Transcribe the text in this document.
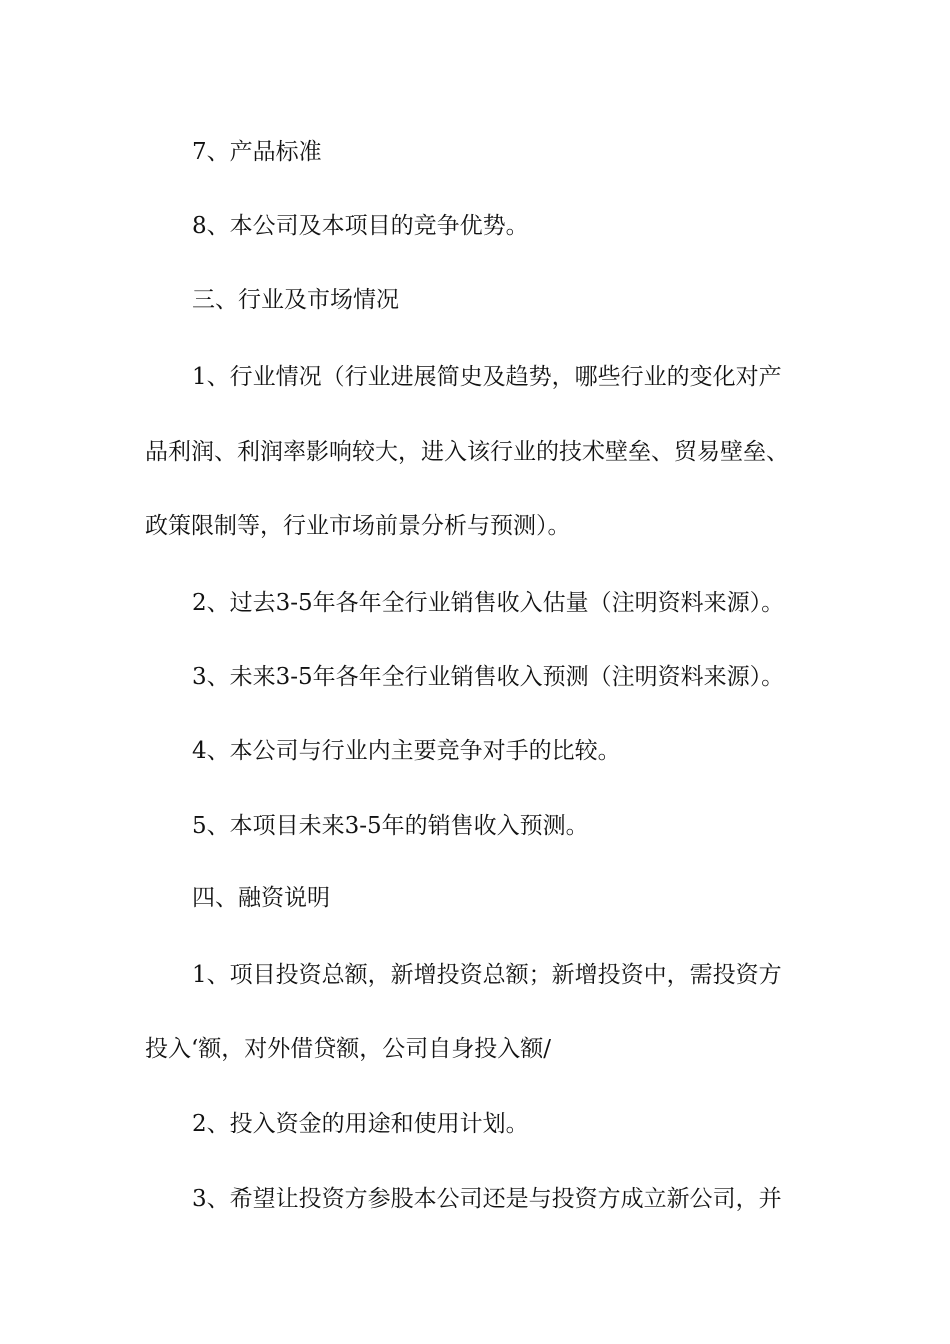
7、产品标准
8、本公司及本项目的竞争优势。
三、行业及市场情况
1、行业情况（行业进展简史及趋势，哪些行业的变化对产
品利润、利润率影响较大，进入该行业的技术壁垒、贸易壁垒、
政策限制等，行业市场前景分析与预测）。
2、过去3-5年各年全行业销售收入估量（注明资料来源）。
3、未来3-5年各年全行业销售收入预测（注明资料来源）。
4、本公司与行业内主要竞争对手的比较。
5、本项目未来3-5年的销售收入预测。
四、融资说明
1、项目投资总额，新增投资总额；新增投资中，需投资方
投入‘额，对外借贷额，公司自身投入额/
2、投入资金的用途和使用计划。
3、希望让投资方参股本公司还是与投资方成立新公司，并
